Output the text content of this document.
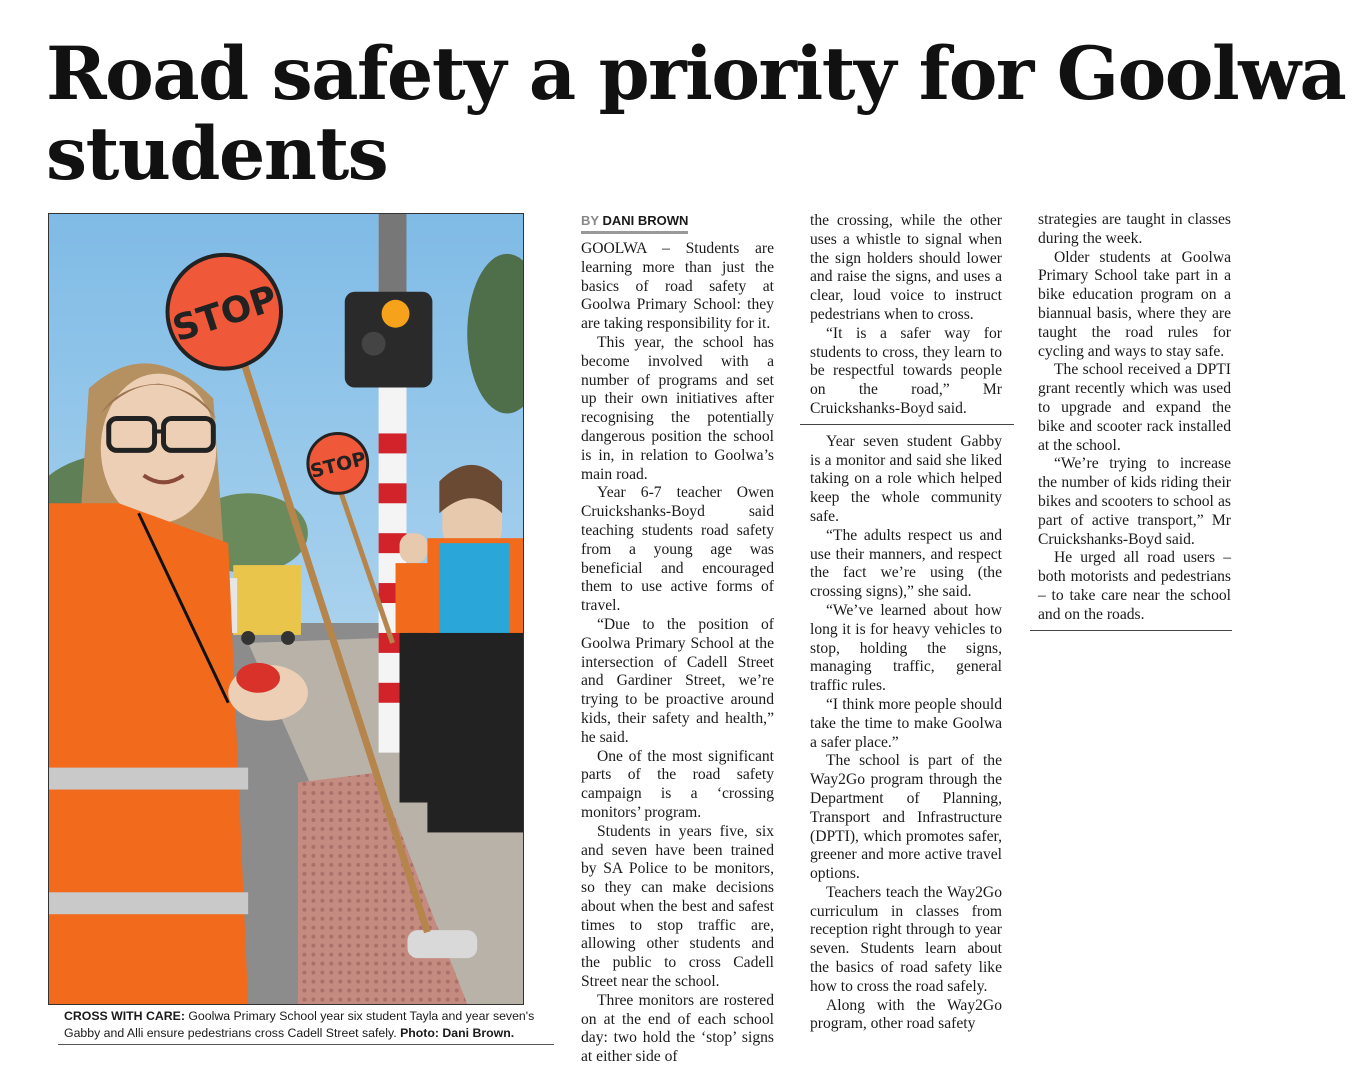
Road safety a priority for Goolwa students
STOP
STOP

CROSS WITH CARE: Goolwa Primary School year six student Tayla and year seven's Gabby and Alli ensure pedestrians cross Cadell Street safely. Photo: Dani Brown.

BY DANI BROWN

GOOLWA – Students are learning more than just the basics of road safety at Goolwa Primary School: they are taking responsibility for it.

This year, the school has become involved with a number of programs and set up their own initiatives after recognising the potentially dangerous position the school is in, in relation to Goolwa’s main road.

Year 6-7 teacher Owen Cruickshanks-Boyd said teaching students road safety from a young age was beneficial and encouraged them to use active forms of travel.

“Due to the position of Goolwa Primary School at the intersection of Cadell Street and Gardiner Street, we’re trying to be proactive around kids, their safety and health,” he said.

One of the most significant parts of the road safety campaign is a ‘crossing monitors’ program.

Students in years five, six and seven have been trained by SA Police to be monitors, so they can make decisions about when the best and safest times to stop traffic are, allowing other students and the public to cross Cadell Street near the school.

Three monitors are rostered on at the end of each school day: two hold the ‘stop’ signs at either side of

the crossing, while the other uses a whistle to signal when the sign holders should lower and raise the signs, and uses a clear, loud voice to instruct pedestrians when to cross.

“It is a safer way for students to cross, they learn to be respectful towards people on the road,” Mr Cruickshanks-Boyd said.

Year seven student Gabby is a monitor and said she liked taking on a role which helped keep the whole community safe.

“The adults respect us and use their manners, and respect the fact we’re using (the crossing signs),” she said.

“We’ve learned about how long it is for heavy vehicles to stop, holding the signs, managing traffic, general traffic rules.

“I think more people should take the time to make Goolwa a safer place.”

The school is part of the Way2Go program through the Department of Planning, Transport and Infrastructure (DPTI), which promotes safer, greener and more active travel options.

Teachers teach the Way2Go curriculum in classes from reception right through to year seven. Students learn about the basics of road safety like how to cross the road safely.

Along with the Way2Go program, other road safety

strategies are taught in classes during the week.

Older students at Goolwa Primary School take part in a bike education program on a biannual basis, where they are taught the road rules for cycling and ways to stay safe.

The school received a DPTI grant recently which was used to upgrade and expand the bike and scooter rack installed at the school.

“We’re trying to increase the number of kids riding their bikes and scooters to school as part of active transport,” Mr Cruickshanks-Boyd said.

He urged all road users – both motorists and pedestrians – to take care near the school and on the roads.
